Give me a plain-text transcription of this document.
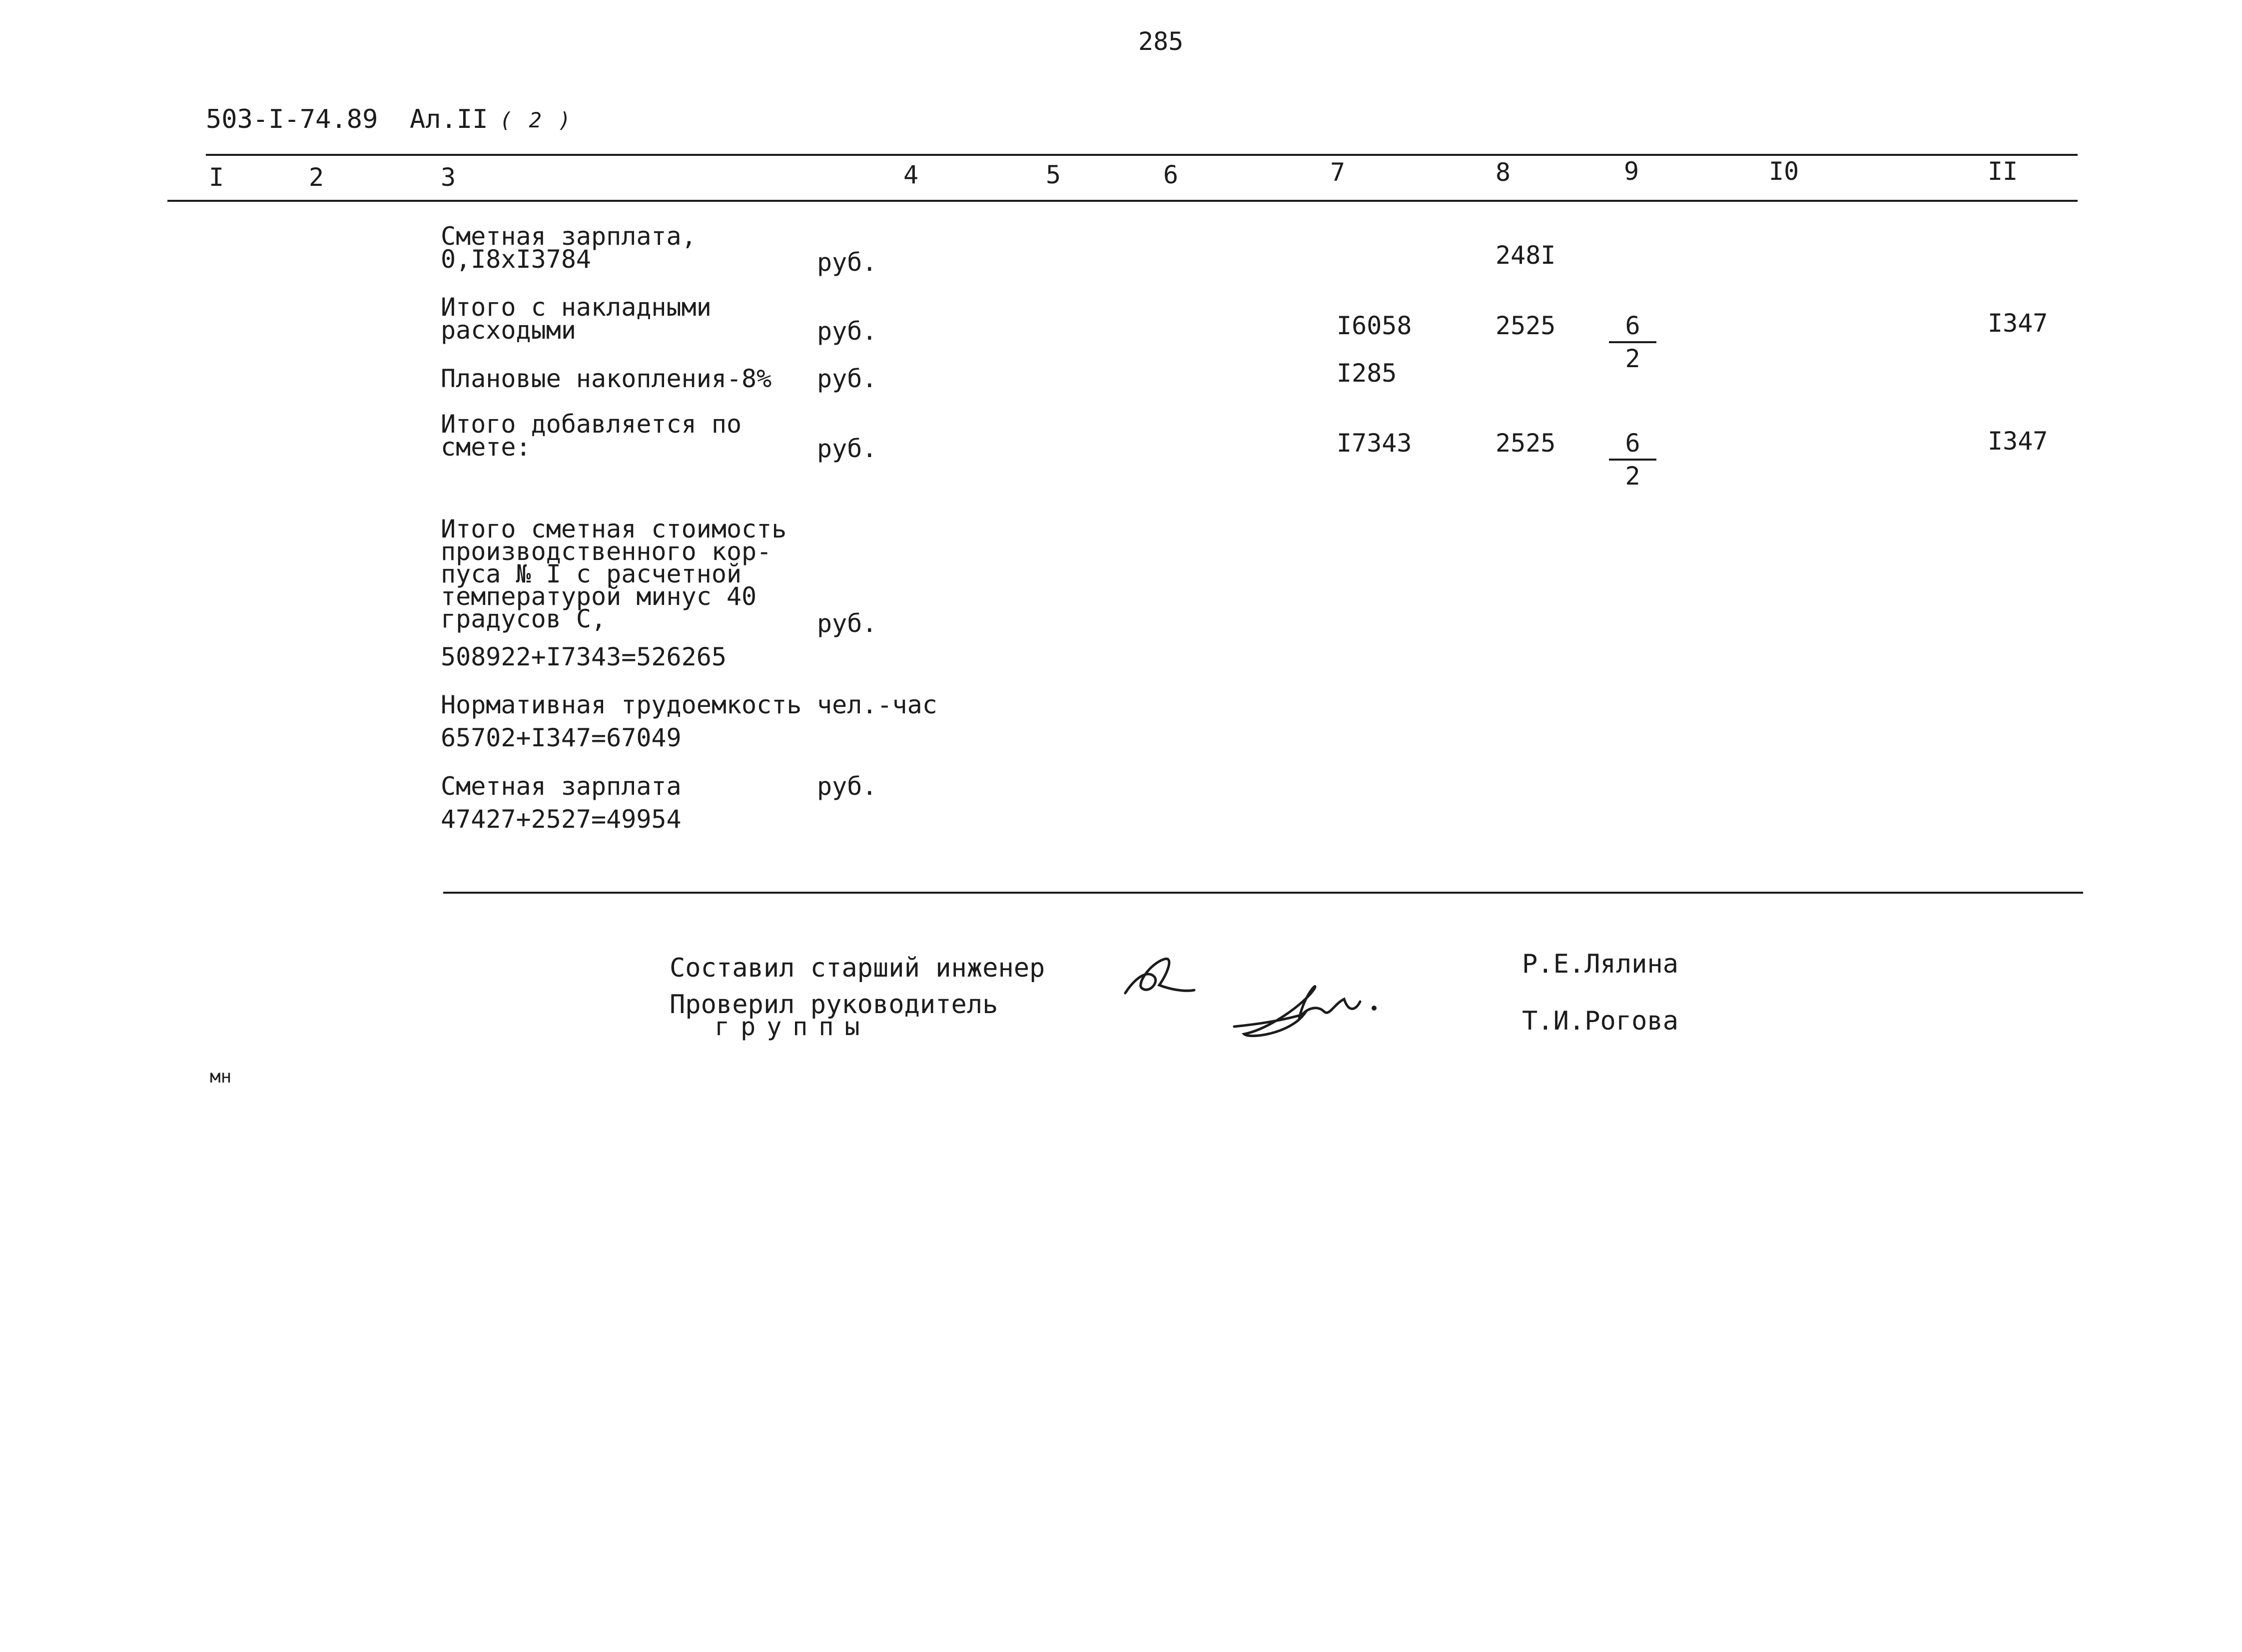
285
503-I-74.89 Ал.II ( 2 )
I	2	3	4	5	6	7	8	9	I0	II
Сметная зарплата,
0,I8xI3784	руб.	248I
Итого с накладными
расходыми	руб.	I6058	$2525 \frac{6}{2}$	I347
Плановые накопления-8% руб.	I285
Итого добавляется по
смете:	руб.	I7343	$2525 \frac{6}{2}$	I347
Итого сметная стоимость
производственного кор-
пуса № I с расчетной
температурой минус 40
градусов С,	руб.
508922+I7343=526265
Нормативная трудоемкость чел.-час
65702+I347=67049
Сметная зарплата	руб.
47427+2527=49954
Составил старший инженер
Проверил руководитель
группы
Р.Е.Лялина
Т.И.Рогова
мн
